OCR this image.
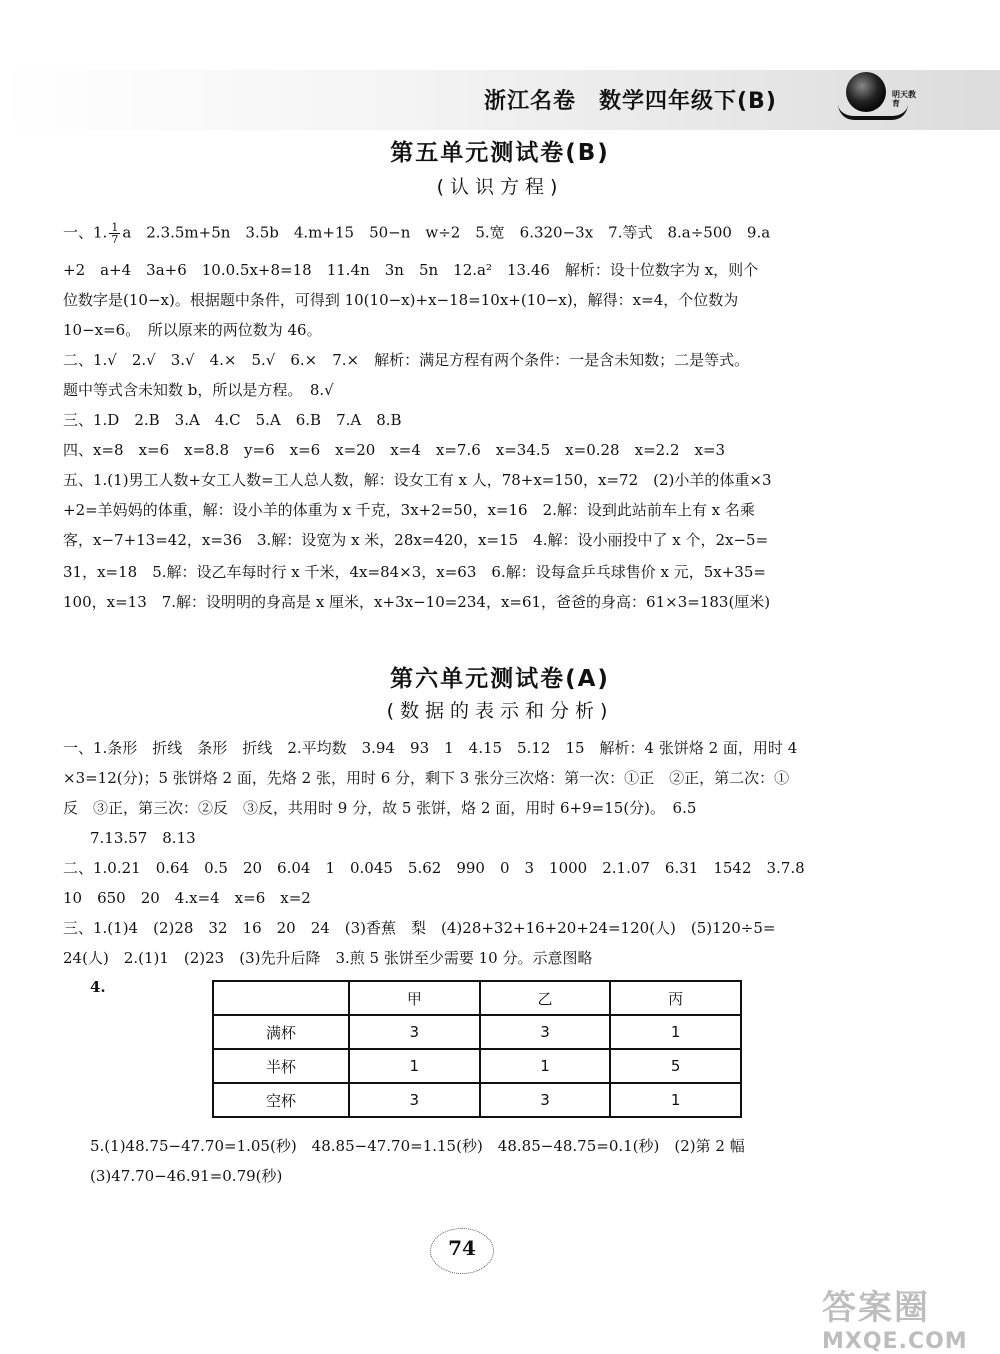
浙江名卷　数学四年级下(B)	明天教育
第五单元测试卷(B)
(认识方程)
一、1. $\frac{1}{7}$ a　2.3.5m+5n　3.5b　4.m+15　50−n　w÷2　5.宽　6.320−3x　7.等式　8.a÷500　9.a
+2　a+4　3a+6　10.0.5x+8=18　11.4n　3n　5n　12.a²　13.46　解析：设十位数字为 x，则个
位数字是(10−x)。根据题中条件，可得到 10(10−x)+x−18=10x+(10−x)，解得：x=4，个位数为
10−x=6。　所以原来的两位数为 46。
二、1.√　2.√　3.√　4.×　5.√　6.×　7.×　解析：满足方程有两个条件：一是含未知数；二是等式。
题中等式含未知数 b，所以是方程。　8.√
三、1.D　2.B　3.A　4.C　5.A　6.B　7.A　8.B
四、x=8　x=6　x=8.8　y=6　x=6　x=20　x=4　x=7.6　x=34.5　x=0.28　x=2.2　x=3
五、1.(1)男工人数+女工人数=工人总人数，解：设女工有 x 人，78+x=150，x=72　(2)小羊的体重×3
+2=羊妈妈的体重，解：设小羊的体重为 x 千克，3x+2=50，x=16　2.解：设到此站前车上有 x 名乘
客，x−7+13=42，x=36　3.解：设宽为 x 米，28x=420，x=15　4.解：设小丽投中了 x 个，2x−5=
31，x=18　5.解：设乙车每时行 x 千米，4x=84×3，x=63　6.解：设每盒乒乓球售价 x 元，5x+35=
100，x=13　7.解：设明明的身高是 x 厘米，x+3x−10=234，x=61，爸爸的身高：61×3=183(厘米)
第六单元测试卷(A)
(数据的表示和分析)
一、1.条形　折线　条形　折线　2.平均数　3.94　93　1　4.15　5.12　15　解析：4 张饼烙 2 面，用时 4
×3=12(分)；5 张饼烙 2 面，先烙 2 张，用时 6 分，剩下 3 张分三次烙：第一次：①正　②正，第二次：①
反　③正，第三次：②反　③反，共用时 9 分，故 5 张饼，烙 2 面，用时 6+9=15(分)。　6.5
7.13.57　8.13
二、1.0.21　0.64　0.5　20　6.04　1　0.045　5.62　990　0　3　1000　2.1.07　6.31　1542　3.7.8
10　650　20　4.x=4　x=6　x=2
三、1.(1)4　(2)28　32　16　20　24　(3)香蕉　梨　(4)28+32+16+20+24=120(人)　(5)120÷5=
24(人)　2.(1)1　(2)23　(3)先升后降　3.煎 5 张饼至少需要 10 分。示意图略
4.
	甲	乙	丙
满杯	3	3	1
半杯	1	1	5
空杯	3	3	1
5.(1)48.75−47.70=1.05(秒)　48.85−47.70=1.15(秒)　48.85−48.75=0.1(秒)　(2)第 2 幅
(3)47.70−46.91=0.79(秒)
74
答案圈
MXQE.COM
